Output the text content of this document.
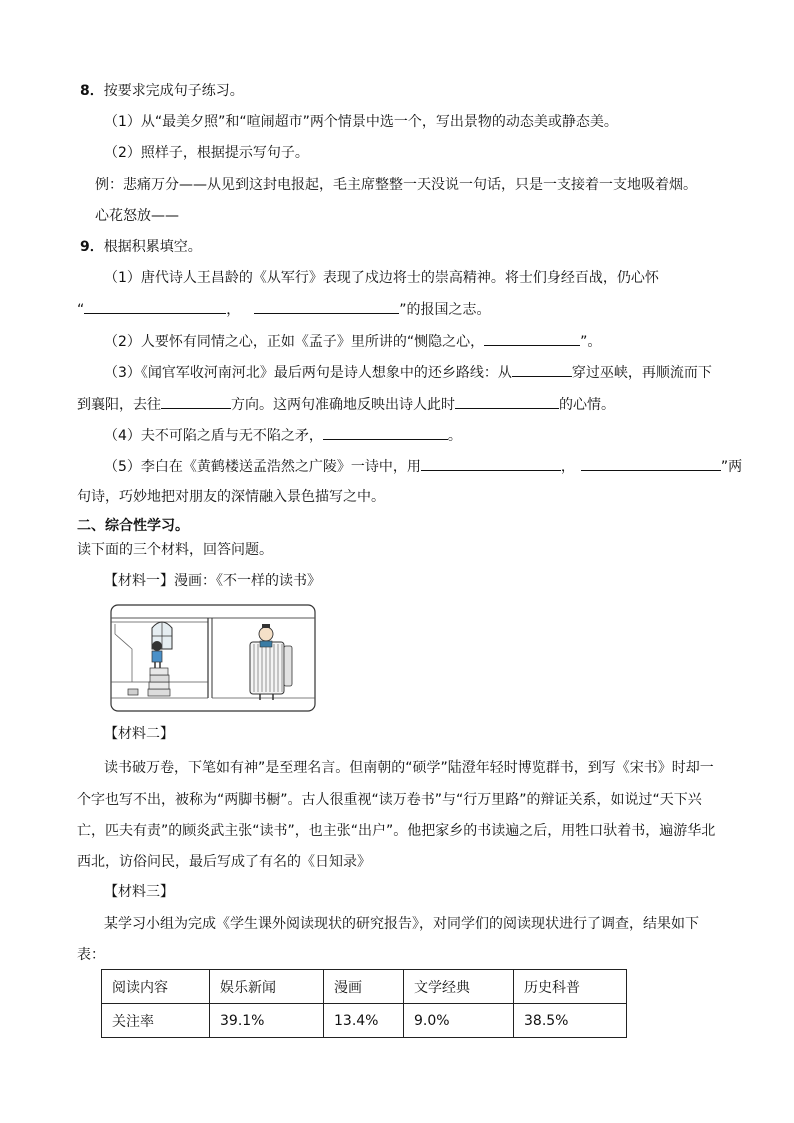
8．按要求完成句子练习。
（1）从“最美夕照”和“喧闹超市”两个情景中选一个，写出景物的动态美或静态美。
（2）照样子，根据提示写句子。
例：悲痛万分——从见到这封电报起，毛主席整整一天没说一句话，只是一支接着一支地吸着烟。
心花怒放——
9．根据积累填空。
（1）唐代诗人王昌龄的《从军行》表现了戍边将士的崇高精神。将士们身经百战，仍心怀
“	，	”的报国之志。
（2）人要怀有同情之心，正如《孟子》里所讲的“恻隐之心，	”。
（3）《闻官军收河南河北》最后两句是诗人想象中的还乡路线：从	穿过巫峡，再顺流而下
到襄阳，去往	方向。这两句准确地反映出诗人此时	的心情。
（4）夫不可陷之盾与无不陷之矛，	。
（5）李白在《黄鹤楼送孟浩然之广陵》一诗中，用	，	”两
句诗，巧妙地把对朋友的深情融入景色描写之中。
二、综合性学习。
读下面的三个材料，回答问题。
【材料一】漫画：《不一样的读书》
【材料二】
读书破万卷，下笔如有神”是至理名言。但南朝的“硕学”陆澄年轻时博览群书，到写《宋书》时却一
个字也写不出，被称为“两脚书橱”。古人很重视“读万卷书”与“行万里路”的辩证关系，如说过“天下兴
亡，匹夫有责”的顾炎武主张“读书”，也主张“出户”。他把家乡的书读遍之后，用牲口驮着书，遍游华北
西北，访俗问民，最后写成了有名的《日知录》
【材料三】
某学习小组为完成《学生课外阅读现状的研究报告》，对同学们的阅读现状进行了调查，结果如下
表：
阅读内容	娱乐新闻	漫画	文学经典	历史科普
关注率	39.1%	13.4%	9.0%	38.5%
